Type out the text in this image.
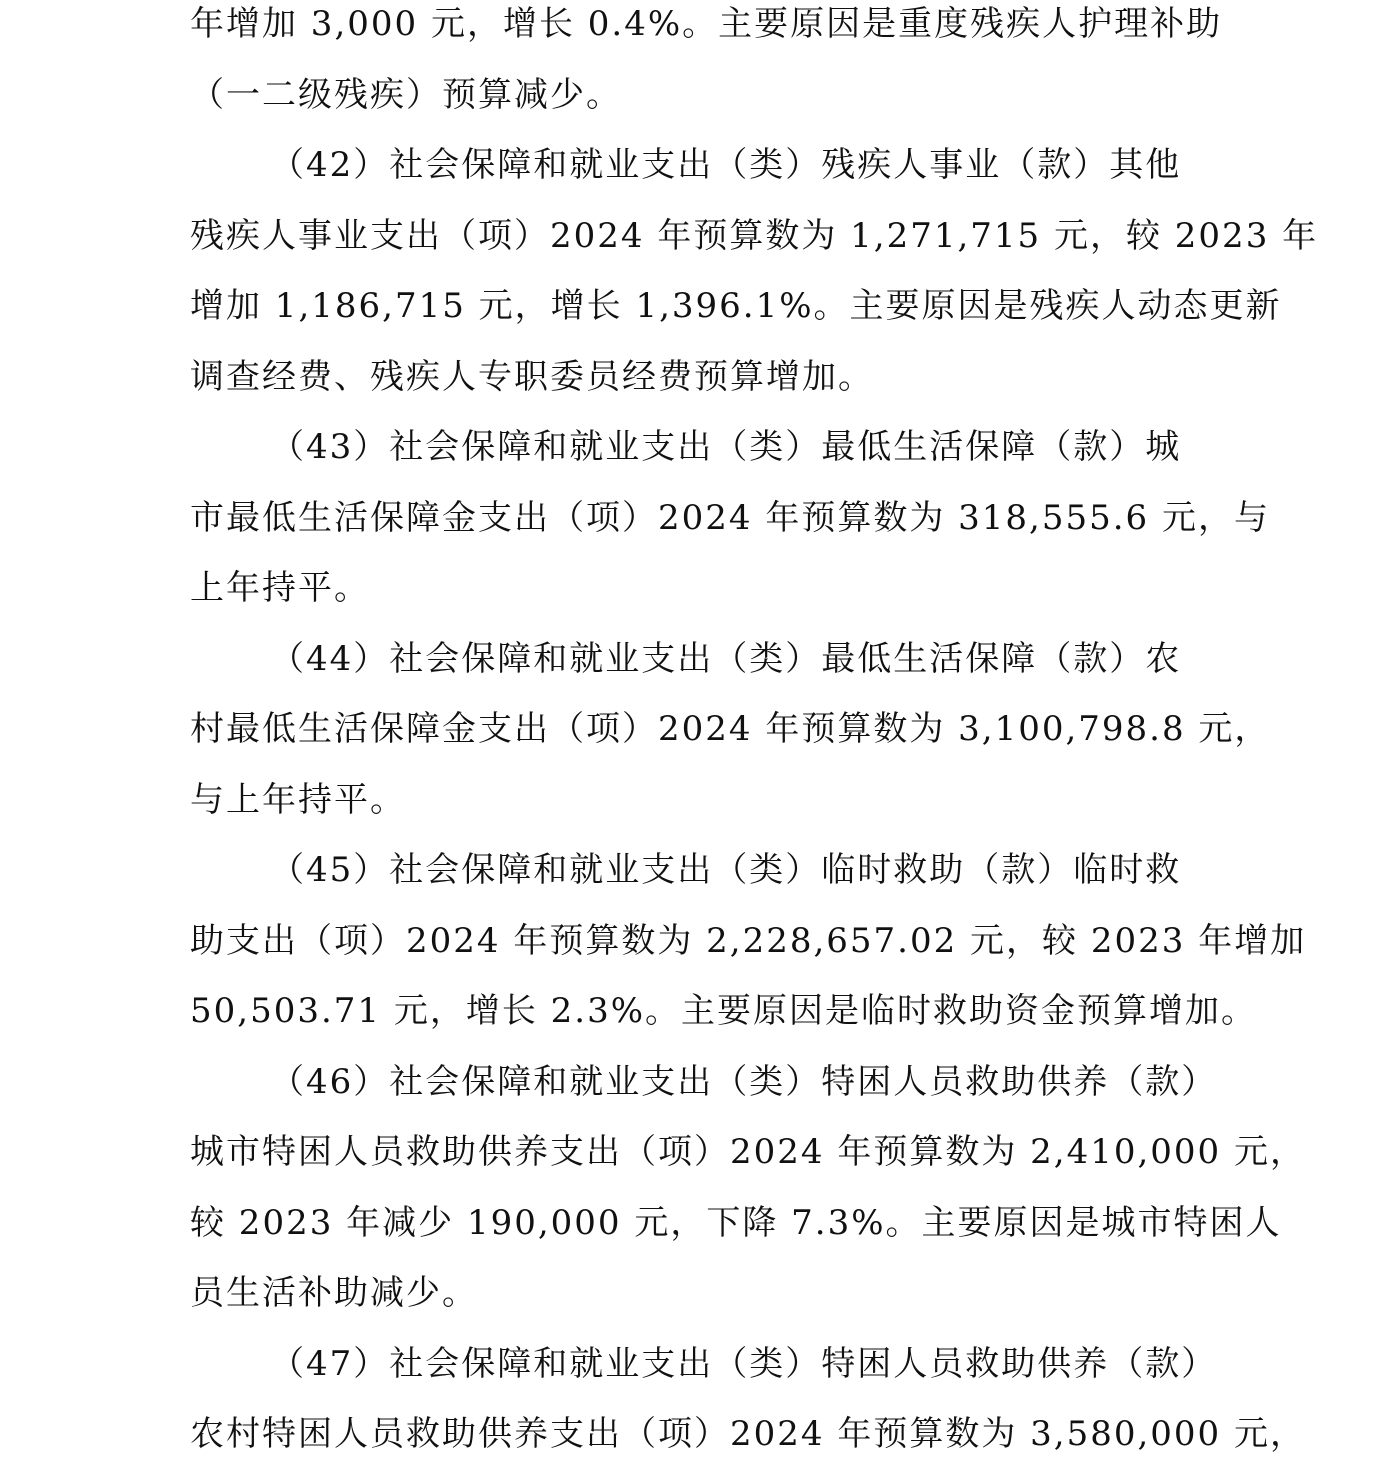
年增加 3,000 元，增长 0.4%。主要原因是重度残疾人护理补助
（一二级残疾）预算减少。
（42）社会保障和就业支出（类）残疾人事业（款）其他
残疾人事业支出（项）2024 年预算数为 1,271,715 元，较 2023 年
增加 1,186,715 元，增长 1,396.1%。主要原因是残疾人动态更新
调查经费、残疾人专职委员经费预算增加。
（43）社会保障和就业支出（类）最低生活保障（款）城
市最低生活保障金支出（项）2024 年预算数为 318,555.6 元，与
上年持平。
（44）社会保障和就业支出（类）最低生活保障（款）农
村最低生活保障金支出（项）2024 年预算数为 3,100,798.8 元，
与上年持平。
（45）社会保障和就业支出（类）临时救助（款）临时救
助支出（项）2024 年预算数为 2,228,657.02 元，较 2023 年增加
50,503.71 元，增长 2.3%。主要原因是临时救助资金预算增加。
（46）社会保障和就业支出（类）特困人员救助供养（款）
城市特困人员救助供养支出（项）2024 年预算数为 2,410,000 元，
较 2023 年减少 190,000 元，下降 7.3%。主要原因是城市特困人
员生活补助减少。
（47）社会保障和就业支出（类）特困人员救助供养（款）
农村特困人员救助供养支出（项）2024 年预算数为 3,580,000 元，
